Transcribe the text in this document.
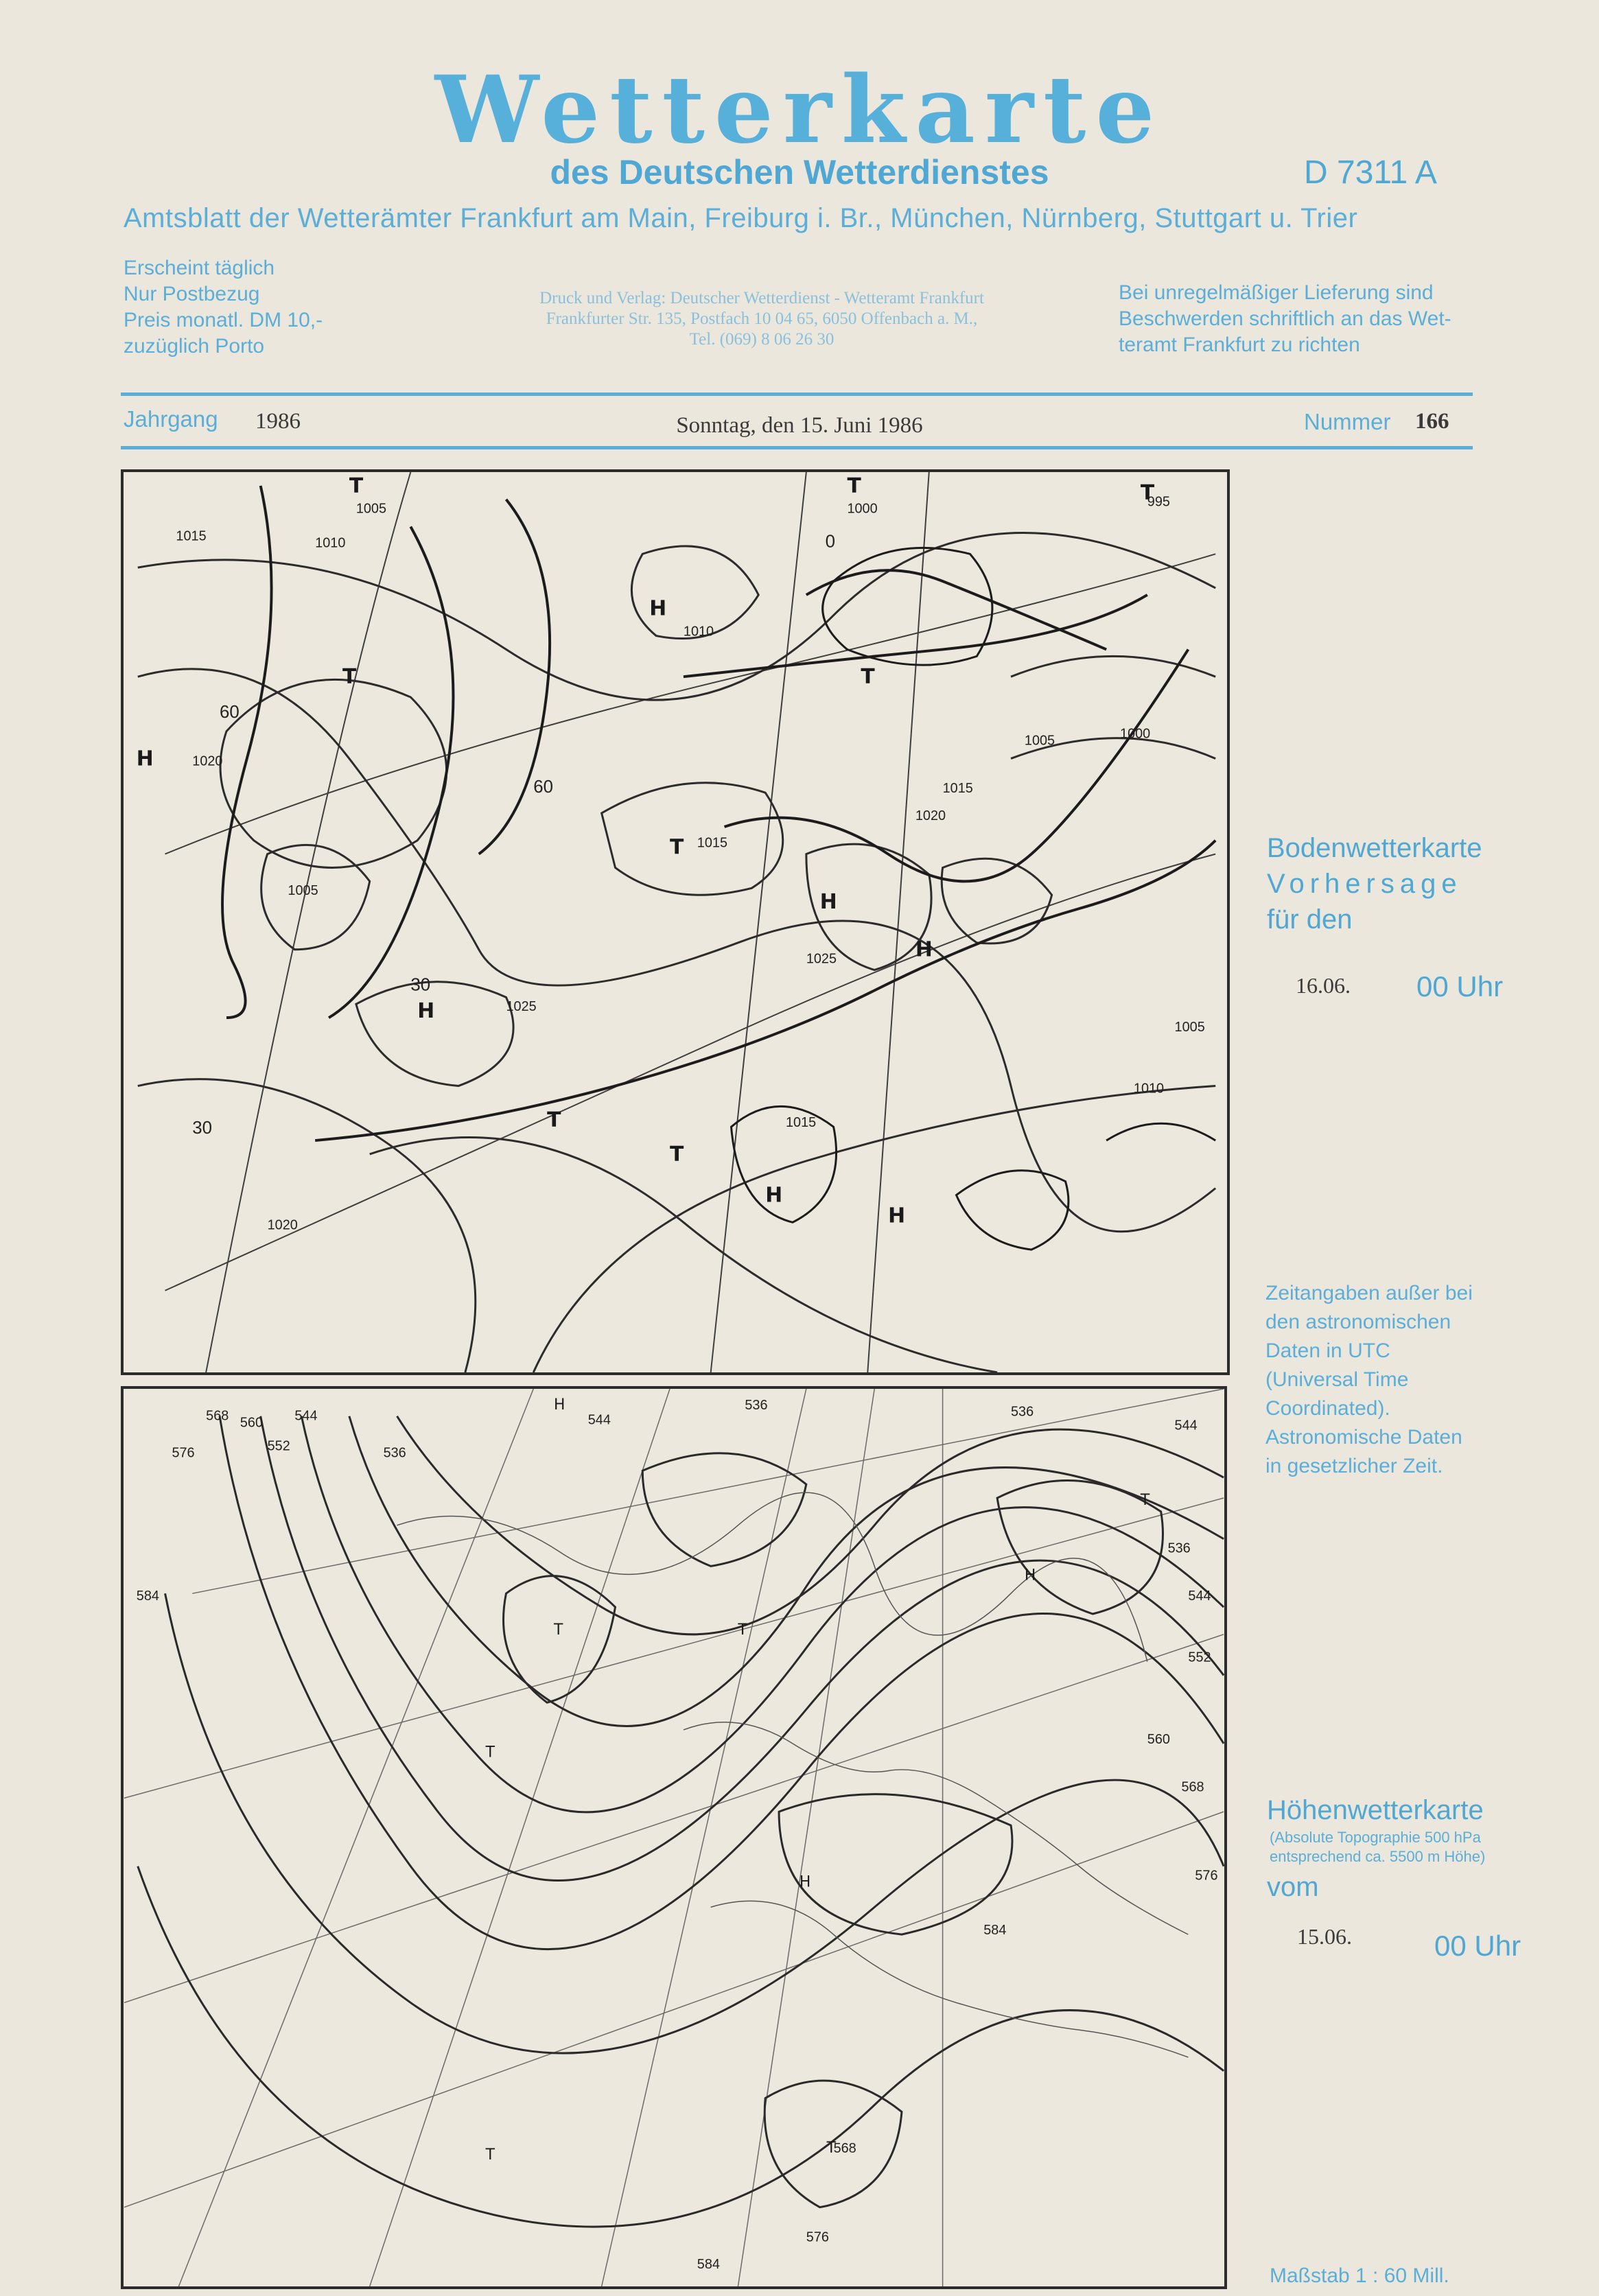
Wetterkarte
des Deutschen Wetterdienstes	D 7311 A
Amtsblatt der Wetterämter Frankfurt am Main, Freiburg i. Br., München, Nürnberg, Stuttgart u. Trier
Erscheint täglich
Nur Postbezug
Preis monatl. DM 10,-
zuzüglich Porto
Druck und Verlag: Deutscher Wetterdienst - Wetteramt Frankfurt
Frankfurter Str. 135, Postfach 10 04 65, 6050 Offenbach a. M.,
Tel. (069) 8 06 26 30
Bei unregelmäßiger Lieferung sind
Beschwerden schriftlich an das Wet-
teramt Frankfurt zu richten
Jahrgang 1986	Sonntag, den 15. Juni 1986	Nummer 166
1015	1010
1005	1000	995
1020
1025
1005
1010
1015
1020
1025
1015
1020
1015
1010
1005
1000
1005
H
H
H
H
H
H
H
T	T	T
T	T
T
T
T
60
60
30
30
0
Bodenwetterkarte
Vorhersage
für den
16.06. 00 Uhr
Zeitangaben außer bei
den astronomischen
Daten in UTC
(Universal Time
Coordinated).
Astronomische Daten
in gesetzlicher Zeit.
568 560
552
544
536
576
584
544
536	536
544
552
560
568
576
584
568
576
584
536
544
H
H
H
T
T	T
T
T
T
Höhenwetterkarte
(Absolute Topographie 500 hPa
entsprechend ca. 5500 m Höhe)
vom
15.06.	00 Uhr
Maßstab 1 : 60 Mill.
